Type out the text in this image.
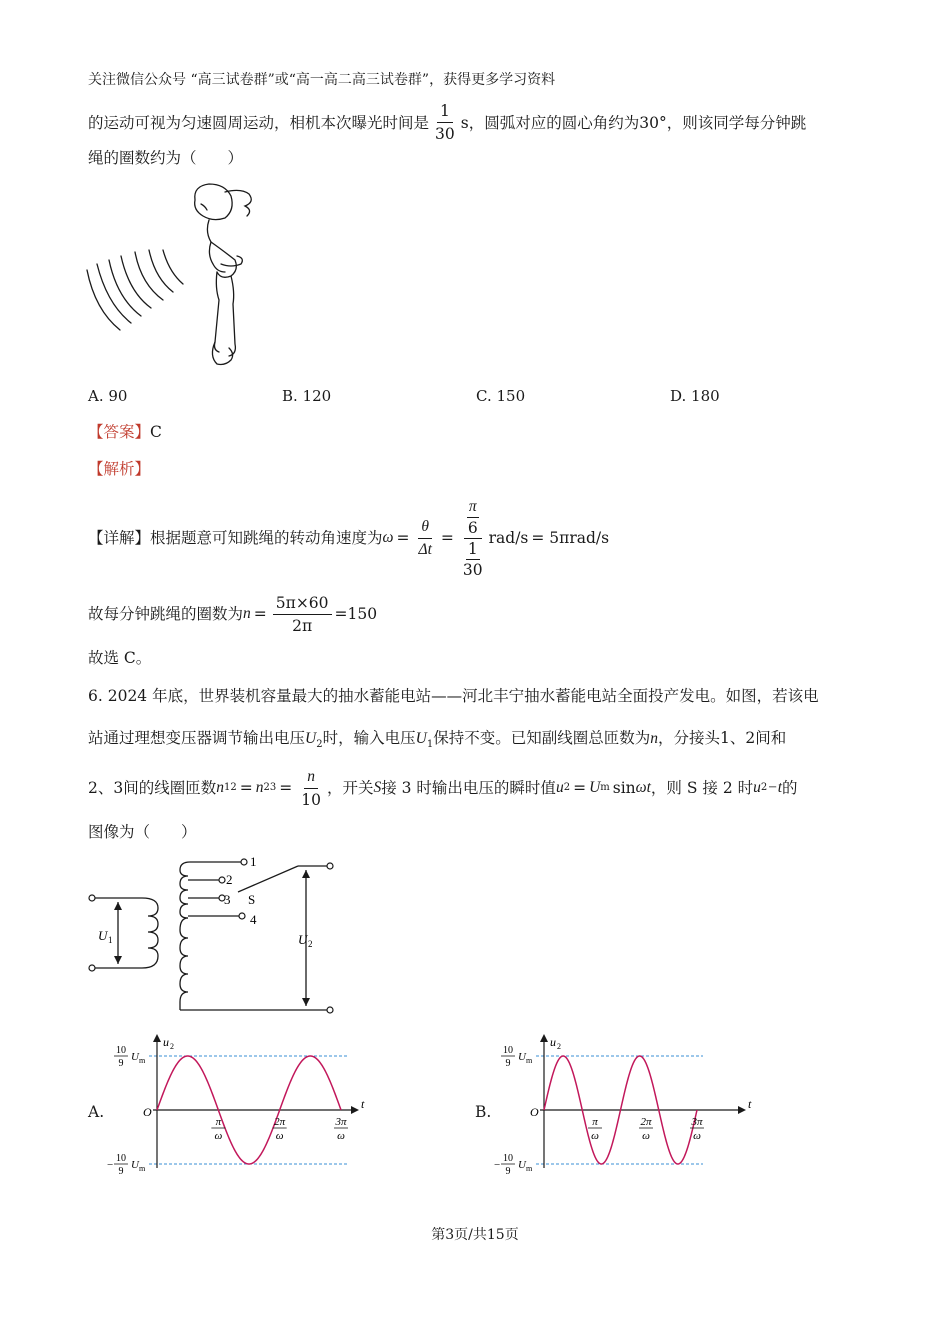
关注微信公众号 “高三试卷群”或“高一高二高三试卷群”，获得更多学习资料
的运动可视为匀速圆周运动，相机本次曝光时间是 $\frac{1}{30}$ s ，圆弧对应的圆心角约为 30° ，则该同学每分钟跳
绳的圈数约为（　　）
A. 90	B. 120	C. 150	D. 180
【答案】C
【解析】
【详解】 根据题意可知跳绳的转动角速度为 $\omega = \frac{\theta}{\Delta t} = \pi$
6
1
30 rad/s = 5πrad/s
故每分钟跳绳的圈数为 $n = \frac{5\pi\times 60}{2\pi} =150$
故选 C。
6. 2024 年底，世界装机容量最大的抽水蓄能电站——河北丰宁抽水蓄能电站全面投产发电。如图，若该电
站通过理想变压器调节输出电压$U_2$时，输入电压$U_1$保持不变。已知副线圈总匝数为n，分接头1、2间和
2、3 间的线圈匝数 n 12 = n $23 = \frac{n}{10}$ ，开关 S 接 3 时输出电压的瞬时值 u 2 = U m sin ωt ，则 S 接 2 时 u 2 −t 的
图像为（　　）
1
2
3
4
S
U 1	U 2
A.
u 2
t
O
π
ω
2π
ω
3π
ω
10
9
U m
−
10
9
U m
B.
u 2
t
O
π
ω
2π
ω
3π
ω
10
9
U m
−
10
9
U m
第3页/共15页
